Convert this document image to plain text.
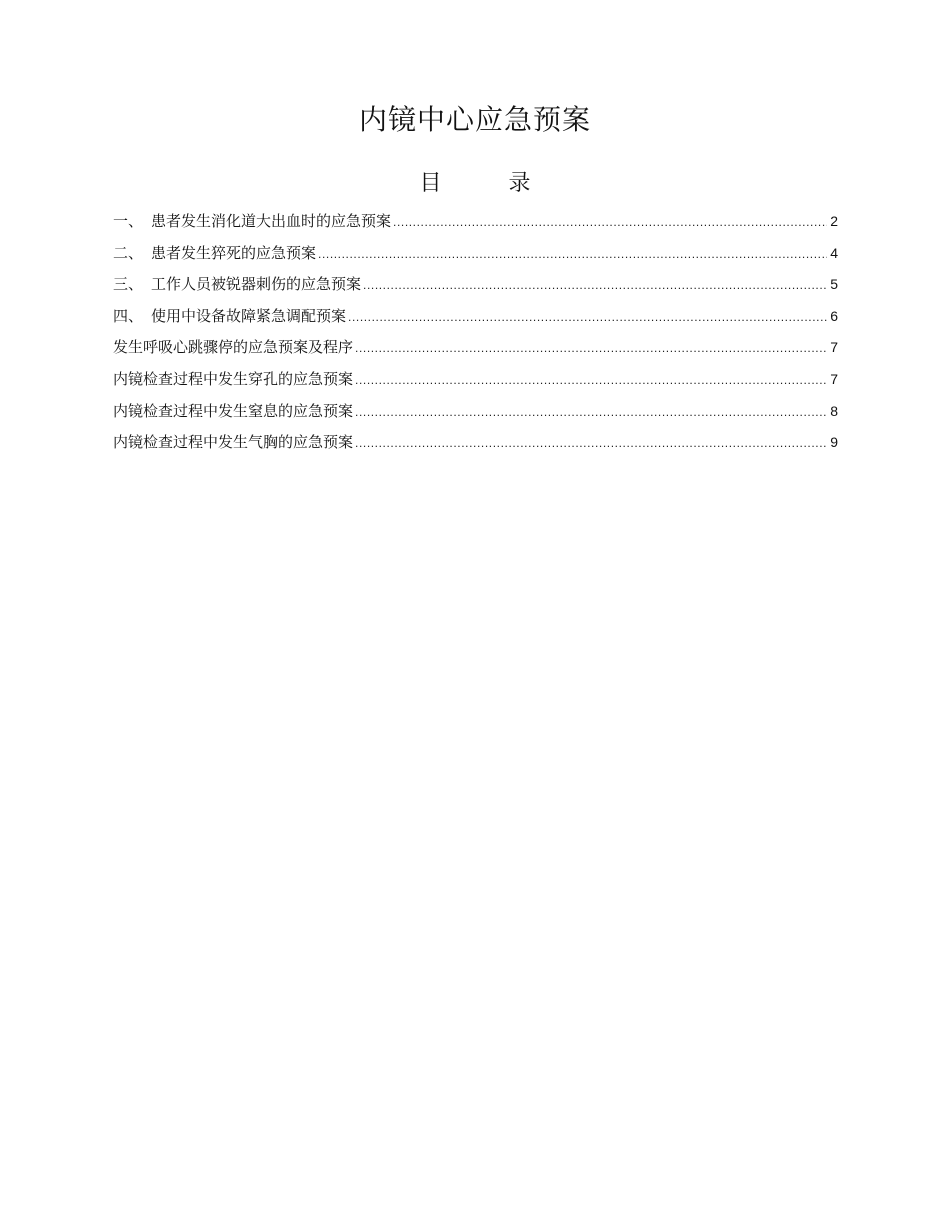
内镜中心应急预案
目 录
一、 患者发生消化道大出血时的应急预案 .....	2
二、 患者发生猝死的应急预案 .....	4
三、 工作人员被锐器刺伤的应急预案 .....	5
四、 使用中设备故障紧急调配预案 .....	6
发生呼吸心跳骤停的应急预案及程序 .....	7
内镜检查过程中发生穿孔的应急预案 .....	7
内镜检查过程中发生窒息的应急预案 .....	8
内镜检查过程中发生气胸的应急预案 .....	9
